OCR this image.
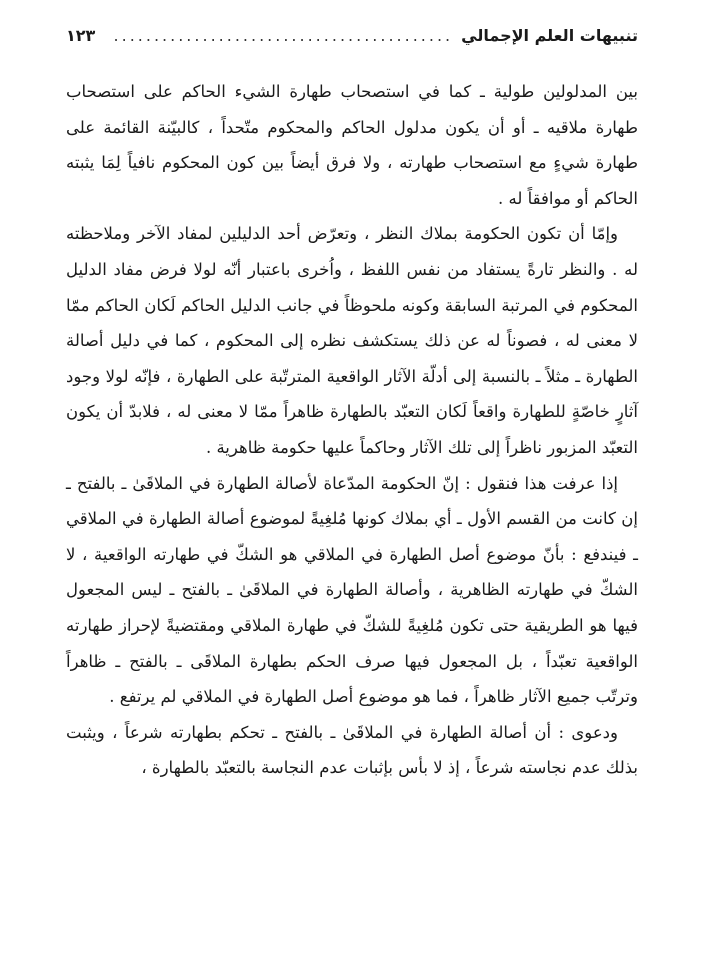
تنبيهات العلم الإجمالي
..........................................
١٢٣

بين المدلولين طولية ـ كما في استصحاب طهارة الشيء الحاكم على استصحاب طهارة ملاقيه ـ أو أن يكون مدلول الحاكم والمحكوم متّحداً ، كالبيّنة القائمة على طهارة شيءٍ مع استصحاب طهارته ، ولا فرق أيضاً بين كون المحكوم نافياً لِمَا يثبته الحاكم أو موافقاً له .

وإمّا أن تكون الحكومة بملاك النظر ، وتعرّض أحد الدليلين لمفاد الآخر وملاحظته له . والنظر تارةً يستفاد من نفس اللفظ ، واُخرى باعتبار أنّه لولا فرض مفاد الدليل المحكوم في المرتبة السابقة وكونه ملحوظاً في جانب الدليل الحاكم لَكان الحاكم ممّا لا معنى له ، فصوناً له عن ذلك يستكشف نظره إلى المحكوم ، كما في دليل أصالة الطهارة ـ مثلاً ـ بالنسبة إلى أدلّة الآثار الواقعية المترتّبة على الطهارة ، فإنّه لولا وجود آثارٍ خاصّةٍ للطهارة واقعاً لَكان التعبّد بالطهارة ظاهراً ممّا لا معنى له ، فلابدّ أن يكون التعبّد المزبور ناظراً إلى تلك الآثار وحاكماً عليها حكومة ظاهرية .

إذا عرفت هذا فنقول : إنّ الحكومة المدّعاة لأصالة الطهارة في الملاقَىٰ ـ بالفتح ـ إن كانت من القسم الأول ـ أي بملاك كونها مُلغِيةً لموضوع أصالة الطهارة في الملاقي ـ فيندفع : بأنّ موضوع أصل الطهارة في الملاقي هو الشكّ في طهارته الواقعية ، لا الشكّ في طهارته الظاهرية ، وأصالة الطهارة في الملاقَىٰ ـ بالفتح ـ ليس المجعول فيها هو الطريقية حتى تكون مُلغِيةً للشكّ في طهارة الملاقي ومقتضيةً لإحراز طهارته الواقعية تعبّداً ، بل المجعول فيها صرف الحكم بطهارة الملاقَى ـ بالفتح ـ ظاهراً وترتّب جميع الآثار ظاهراً ، فما هو موضوع أصل الطهارة في الملاقي لم يرتفع .

ودعوى : أن أصالة الطهارة في الملاقَىٰ ـ بالفتح ـ تحكم بطهارته شرعاً ، ويثبت بذلك عدم نجاسته شرعاً ، إذ لا بأس بإثبات عدم النجاسة بالتعبّد بالطهارة ،
